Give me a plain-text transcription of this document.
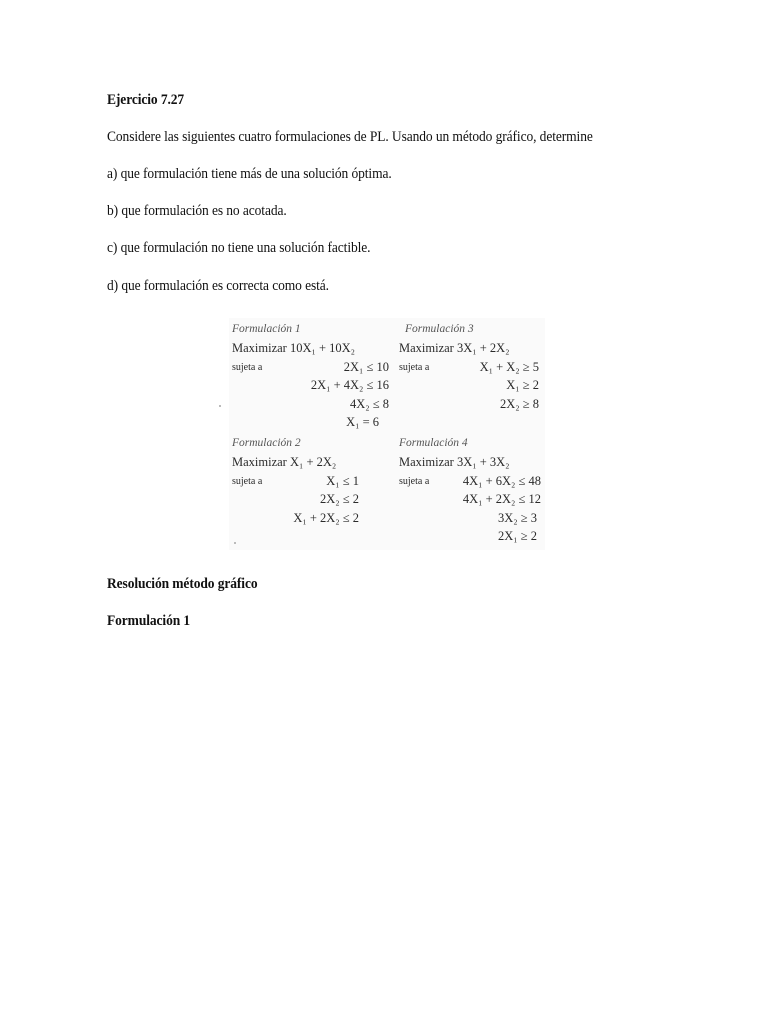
Ejercicio 7.27
Considere las siguientes cuatro formulaciones de PL. Usando un método gráfico, determine
a) que formulación tiene más de una solución óptima.
b) que formulación es no acotada.
c) que formulación no tiene una solución factible.
d) que formulación es correcta como está.
Formulación 1
Maximizar 10X₁ + 10X₂
sujeta a	2X₁ ≤ 10
2X₁ + 4X₂ ≤ 16
4X₂ ≤ 8
X₁ = 6
Formulación 3
Maximizar 3X₁ + 2X₂
sujeta a	X₁ + X₂ ≥ 5
X₁ ≥ 2
2X₂ ≥ 8
Formulación 2
Maximizar X₁ + 2X₂
sujeta a	X₁ ≤ 1
2X₂ ≤ 2
X₁ + 2X₂ ≤ 2
Formulación 4
Maximizar 3X₁ + 3X₂
sujeta a	4X₁ + 6X₂ ≤ 48
4X₁ + 2X₂ ≤ 12
3X₂ ≥ 3
2X₁ ≥ 2
Resolución método gráfico
Formulación 1
